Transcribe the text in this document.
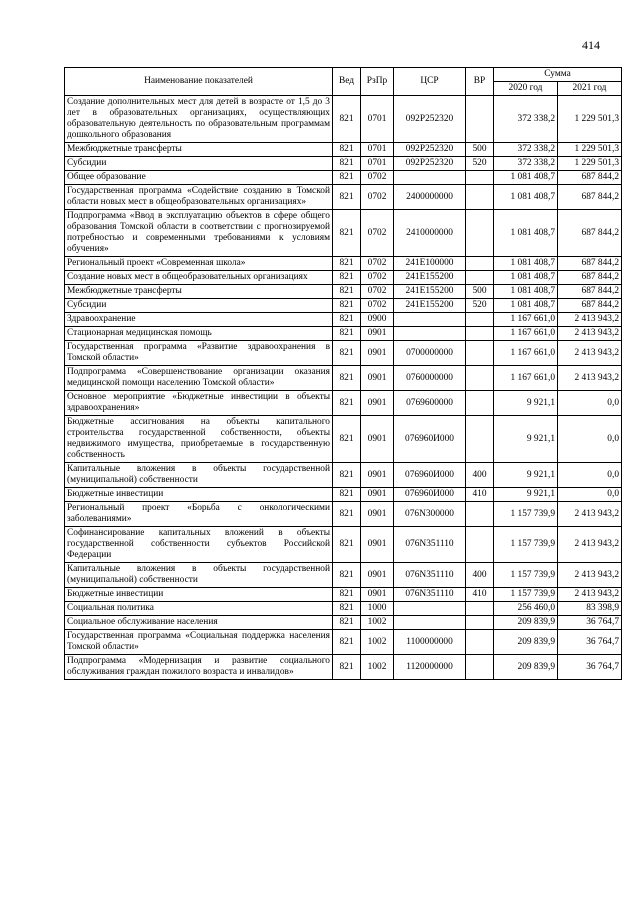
414
Наименование показателей	Вед	РзПр	ЦСР	ВР	Сумма	
					2020 год	2021 год
Создание дополнительных мест для детей в возрасте от 1,5 до 3 лет в образовательных организациях, осуществляющих образовательную деятельность по образовательным программам дошкольного образования	821	0701	092P252320		372 338,2	1 229 501,3
Межбюджетные трансферты	821	0701	092P252320	500	372 338,2	1 229 501,3
Субсидии	821	0701	092P252320	520	372 338,2	1 229 501,3
Общее образование	821	0702			1 081 408,7	687 844,2
Государственная программа «Содействие созданию в Томской области новых мест в общеобразовательных организациях»	821	0702	2400000000		1 081 408,7	687 844,2
Подпрограмма «Ввод в эксплуатацию объектов в сфере общего образования Томской области в соответствии с прогнозируемой потребностью и современными требованиями к условиям обучения»	821	0702	2410000000		1 081 408,7	687 844,2
Региональный проект «Современная школа»	821	0702	241E100000		1 081 408,7	687 844,2
Создание новых мест в общеобразовательных организациях	821	0702	241E155200		1 081 408,7	687 844,2
Межбюджетные трансферты	821	0702	241E155200	500	1 081 408,7	687 844,2
Субсидии	821	0702	241E155200	520	1 081 408,7	687 844,2
Здравоохранение	821	0900			1 167 661,0	2 413 943,2
Стационарная медицинская помощь	821	0901			1 167 661,0	2 413 943,2
Государственная программа «Развитие здравоохранения в Томской области»	821	0901	0700000000		1 167 661,0	2 413 943,2
Подпрограмма «Совершенствование организации оказания медицинской помощи населению Томской области»	821	0901	0760000000		1 167 661,0	2 413 943,2
Основное мероприятие «Бюджетные инвестиции в объекты здравоохранения»	821	0901	0769600000		9 921,1	0,0
Бюджетные ассигнования на объекты капитального строительства государственной собственности, объекты недвижимого имущества, приобретаемые в государственную собственность	821	0901	076960И000		9 921,1	0,0
Капитальные вложения в объекты государственной (муниципальной) собственности	821	0901	076960И000	400	9 921,1	0,0
Бюджетные инвестиции	821	0901	076960И000	410	9 921,1	0,0
Региональный проект «Борьба с онкологическими заболеваниями»	821	0901	076N300000		1 157 739,9	2 413 943,2
Софинансирование капитальных вложений в объекты государственной собственности субъектов Российской Федерации	821	0901	076N351110		1 157 739,9	2 413 943,2
Капитальные вложения в объекты государственной (муниципальной) собственности	821	0901	076N351110	400	1 157 739,9	2 413 943,2
Бюджетные инвестиции	821	0901	076N351110	410	1 157 739,9	2 413 943,2
Социальная политика	821	1000			256 460,0	83 398,9
Социальное обслуживание населения	821	1002			209 839,9	36 764,7
Государственная программа «Социальная поддержка населения Томской области»	821	1002	1100000000		209 839,9	36 764,7
Подпрограмма «Модернизация и развитие социального обслуживания граждан пожилого возраста и инвалидов»	821	1002	1120000000		209 839,9	36 764,7
